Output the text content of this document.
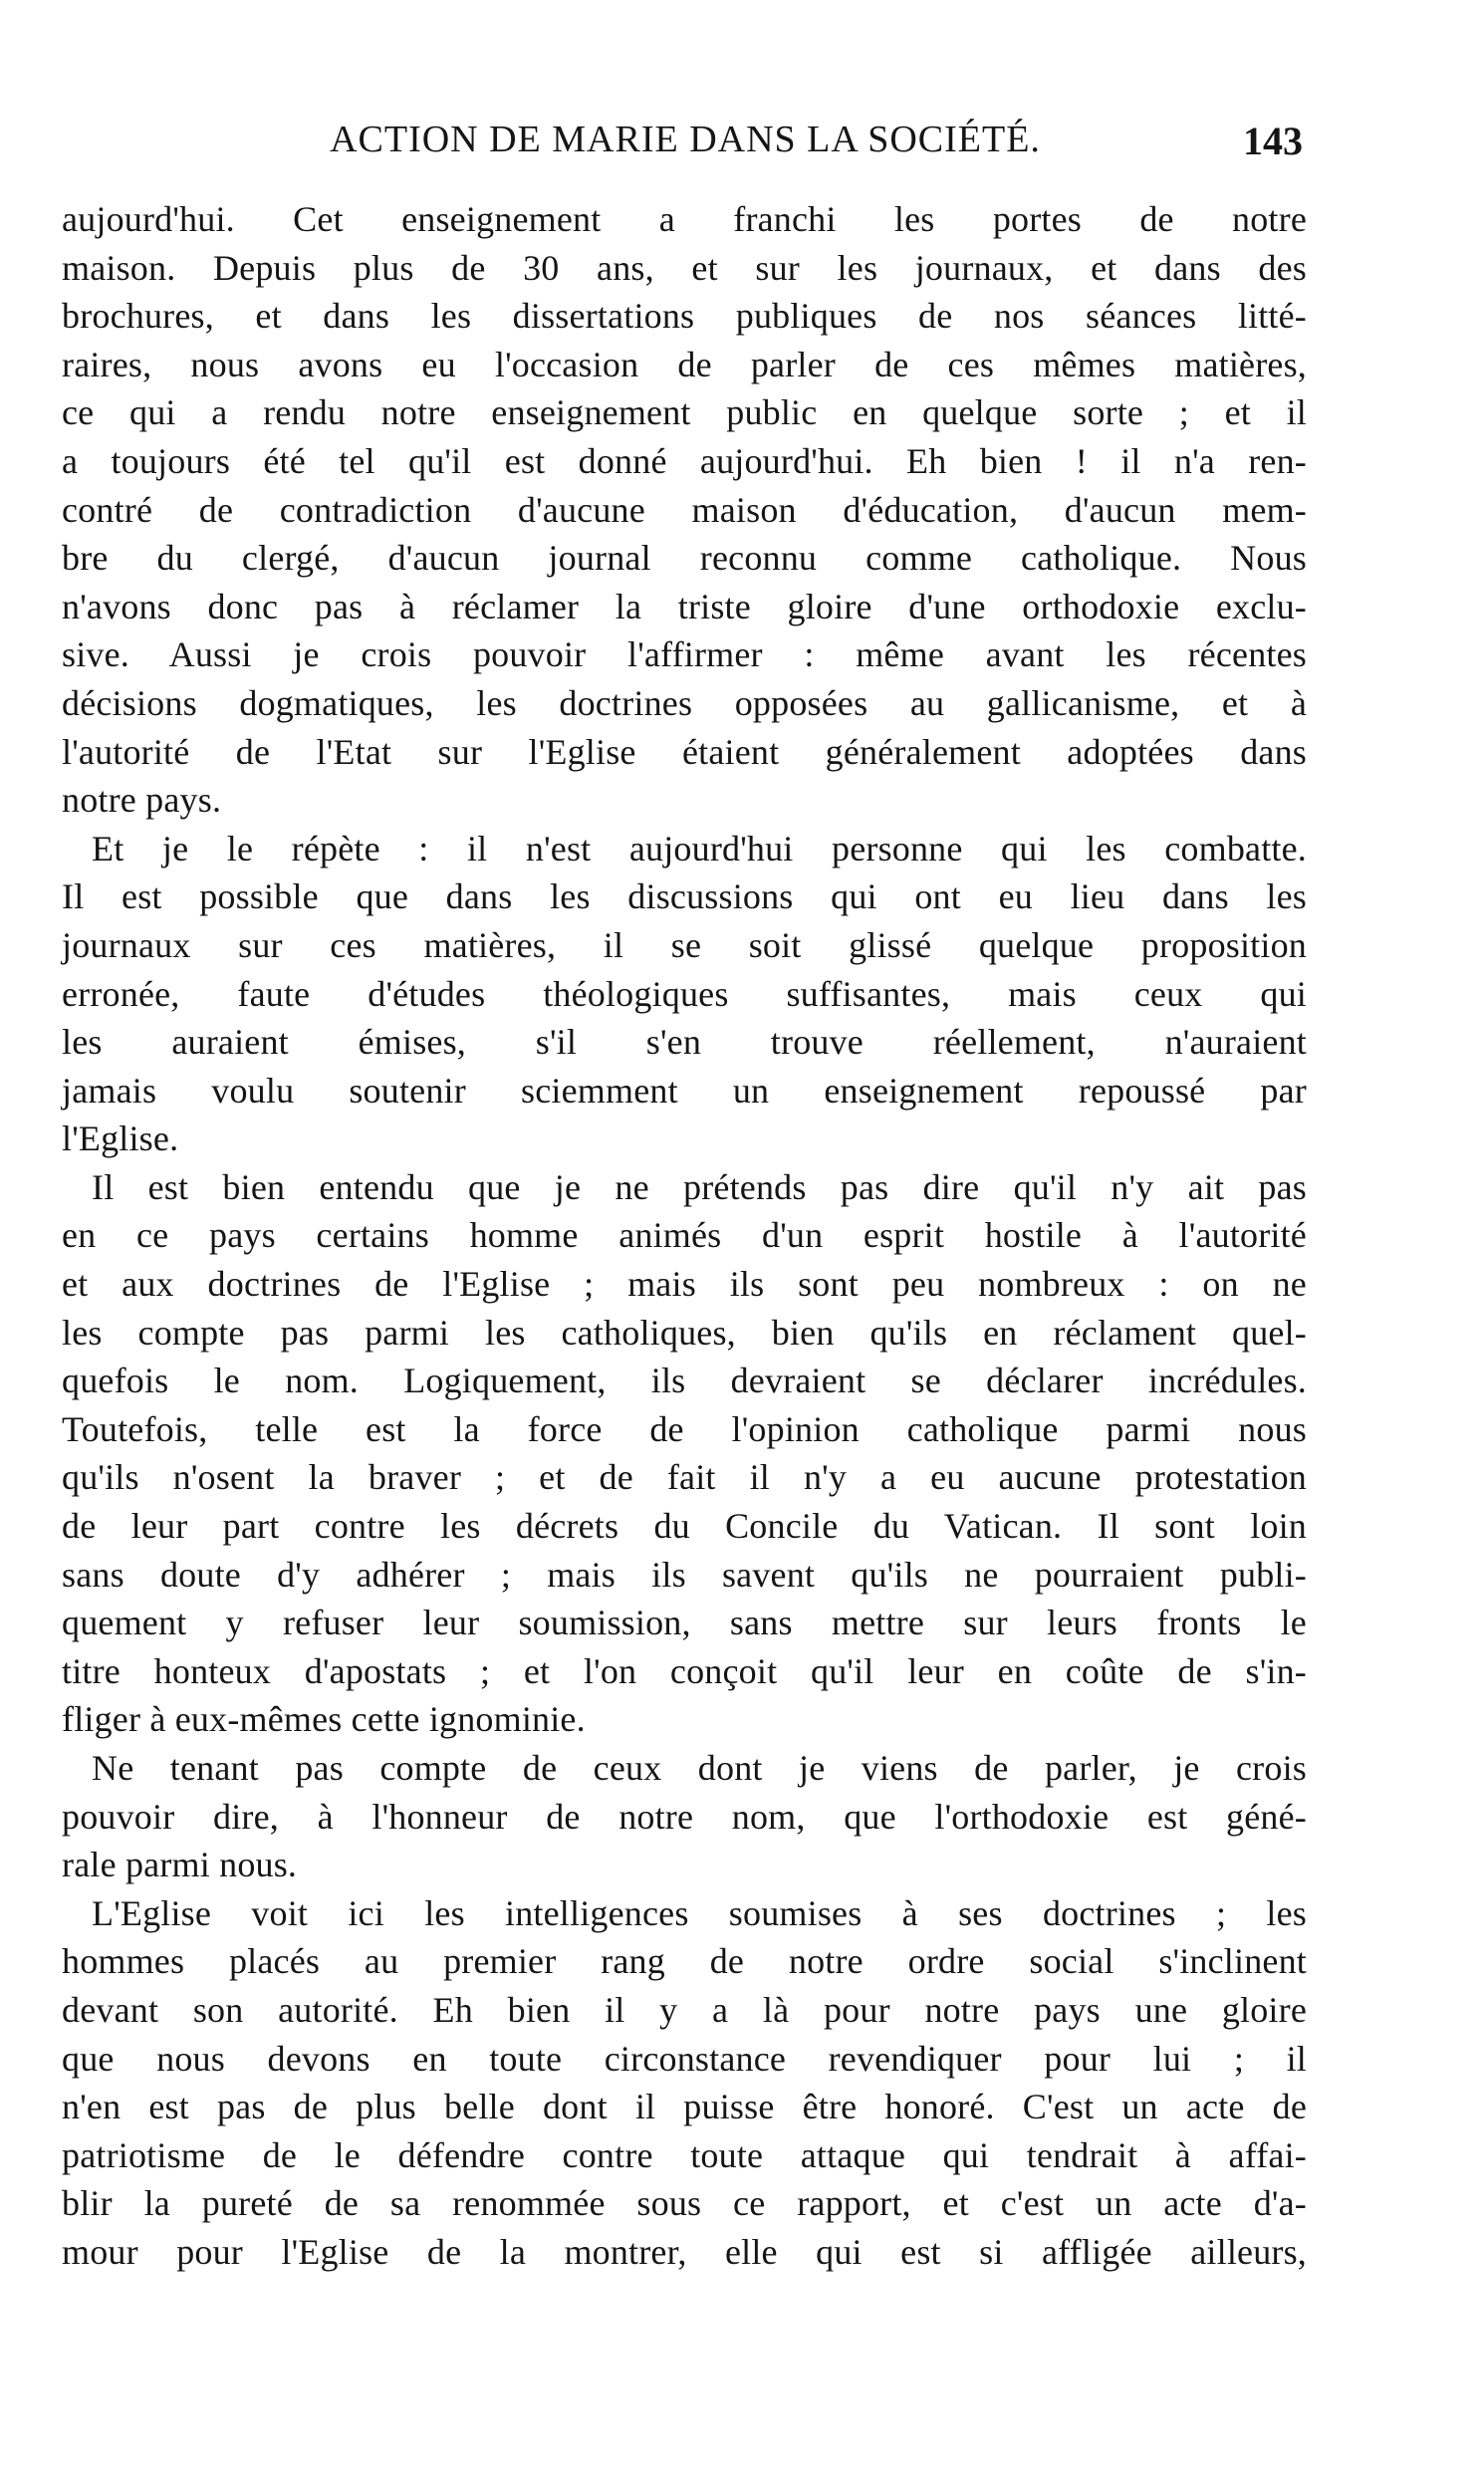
ACTION DE MARIE DANS LA SOCIÉTÉ.	143
aujourd'hui. Cet enseignement a franchi les portes de notre
maison. Depuis plus de 30 ans, et sur les journaux, et dans des
brochures, et dans les dissertations publiques de nos séances litté-
raires, nous avons eu l'occasion de parler de ces mêmes matières,
ce qui a rendu notre enseignement public en quelque sorte ; et il
a toujours été tel qu'il est donné aujourd'hui. Eh bien ! il n'a ren-
contré de contradiction d'aucune maison d'éducation, d'aucun mem-
bre du clergé, d'aucun journal reconnu comme catholique. Nous
n'avons donc pas à réclamer la triste gloire d'une orthodoxie exclu-
sive. Aussi je crois pouvoir l'affirmer : même avant les récentes
décisions dogmatiques, les doctrines opposées au gallicanisme, et à
l'autorité de l'Etat sur l'Eglise étaient généralement adoptées dans
notre pays.
Et je le répète : il n'est aujourd'hui personne qui les combatte.
Il est possible que dans les discussions qui ont eu lieu dans les
journaux sur ces matières, il se soit glissé quelque proposition
erronée, faute d'études théologiques suffisantes, mais ceux qui
les auraient émises, s'il s'en trouve réellement, n'auraient
jamais voulu soutenir sciemment un enseignement repoussé par
l'Eglise.
Il est bien entendu que je ne prétends pas dire qu'il n'y ait pas
en ce pays certains homme animés d'un esprit hostile à l'autorité
et aux doctrines de l'Eglise ; mais ils sont peu nombreux : on ne
les compte pas parmi les catholiques, bien qu'ils en réclament quel-
quefois le nom. Logiquement, ils devraient se déclarer incrédules.
Toutefois, telle est la force de l'opinion catholique parmi nous
qu'ils n'osent la braver ; et de fait il n'y a eu aucune protestation
de leur part contre les décrets du Concile du Vatican. Il sont loin
sans doute d'y adhérer ; mais ils savent qu'ils ne pourraient publi-
quement y refuser leur soumission, sans mettre sur leurs fronts le
titre honteux d'apostats ; et l'on conçoit qu'il leur en coûte de s'in-
fliger à eux-mêmes cette ignominie.
Ne tenant pas compte de ceux dont je viens de parler, je crois
pouvoir dire, à l'honneur de notre nom, que l'orthodoxie est géné-
rale parmi nous.
L'Eglise voit ici les intelligences soumises à ses doctrines ; les
hommes placés au premier rang de notre ordre social s'inclinent
devant son autorité. Eh bien il y a là pour notre pays une gloire
que nous devons en toute circonstance revendiquer pour lui ; il
n'en est pas de plus belle dont il puisse être honoré. C'est un acte de
patriotisme de le défendre contre toute attaque qui tendrait à affai-
blir la pureté de sa renommée sous ce rapport, et c'est un acte d'a-
mour pour l'Eglise de la montrer, elle qui est si affligée ailleurs,
